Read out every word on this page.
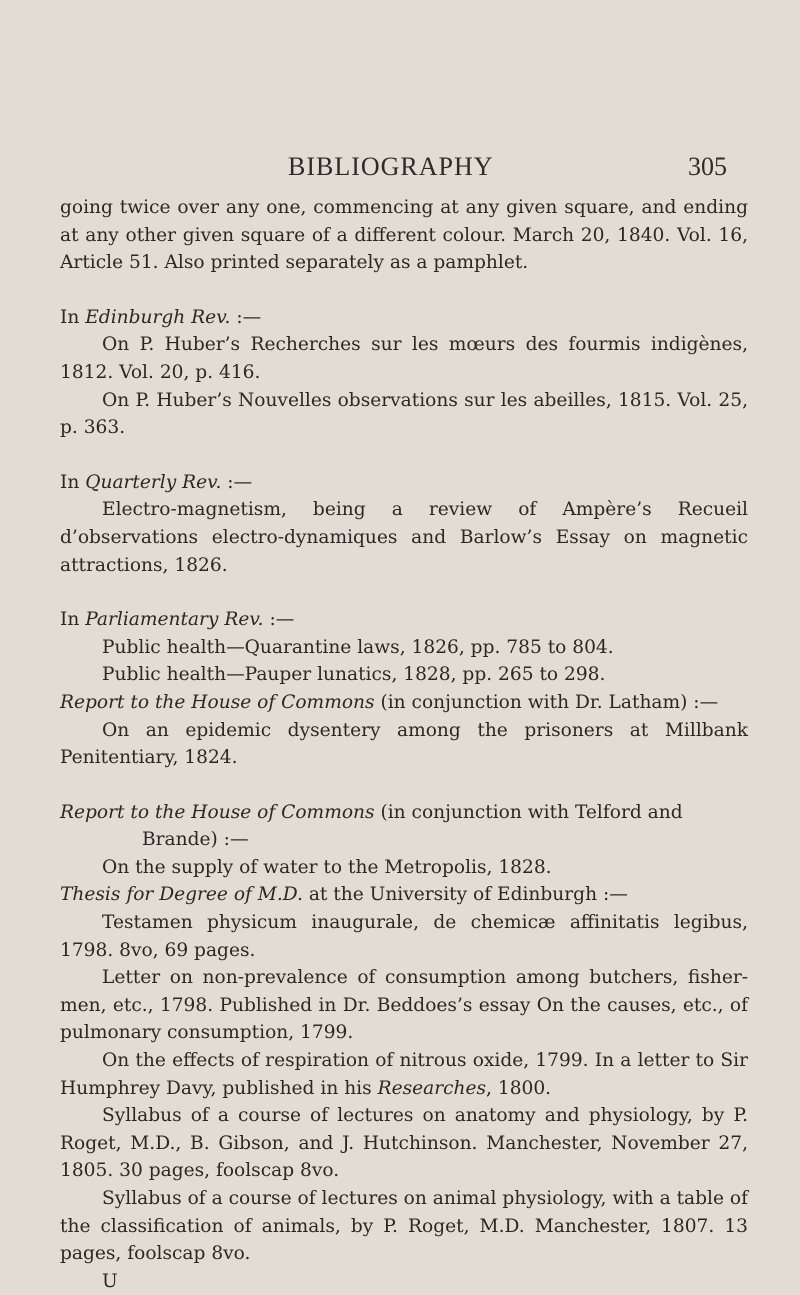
BIBLIOGRAPHY	305

going twice over any one, commencing at any given square, and ending at any other given square of a different colour. March 20, 1840. Vol. 16, Article 51. Also printed separately as a pamphlet.

In Edinburgh Rev. :—

On P. Huber’s Recherches sur les mœurs des fourmis indigènes, 1812. Vol. 20, p. 416.

On P. Huber’s Nouvelles observations sur les abeilles, 1815. Vol. 25, p. 363.

In Quarterly Rev. :—

Electro-magnetism, being a review of Ampère’s Recueil d’observations electro-dynamiques and Barlow’s Essay on magnetic attractions, 1826.

In Parliamentary Rev. :—

Public health—Quarantine laws, 1826, pp. 785 to 804.

Public health—Pauper lunatics, 1828, pp. 265 to 298.

Report to the House of Commons (in conjunction with Dr. Latham) :—

On an epidemic dysentery among the prisoners at Millbank Penitentiary, 1824.

Report to the House of Commons (in conjunction with Telford and

Brande) :—

On the supply of water to the Metropolis, 1828.

Thesis for Degree of M.D. at the University of Edinburgh :—

Testamen physicum inaugurale, de chemicæ affinitatis legibus, 1798. 8vo, 69 pages.

Letter on non-prevalence of consumption among butchers, fisher-men, etc., 1798. Published in Dr. Beddoes’s essay On the causes, etc., of pulmonary consumption, 1799.

On the effects of respiration of nitrous oxide, 1799. In a letter to Sir Humphrey Davy, published in his Researches, 1800.

Syllabus of a course of lectures on anatomy and physiology, by P. Roget, M.D., B. Gibson, and J. Hutchinson. Manchester, November 27, 1805. 30 pages, foolscap 8vo.

Syllabus of a course of lectures on animal physiology, with a table of the classification of animals, by P. Roget, M.D. Manchester, 1807. 13 pages, foolscap 8vo.

U
